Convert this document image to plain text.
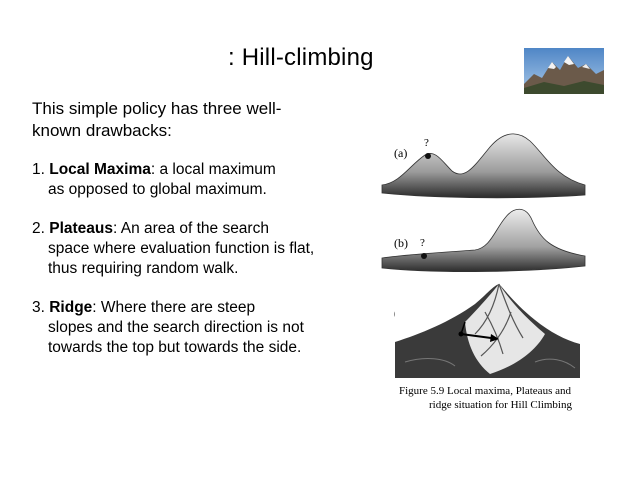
: Hill-climbing
This simple policy has three well-known drawbacks:
1. Local Maxima: a local maximum
as opposed to global maximum.
2. Plateaus: An area of the search
space where evaluation function is flat, thus requiring random walk.
3. Ridge: Where there are steep
slopes and the search direction is not towards the top but towards the side.
(a)
?
(b) ?
Figure 5.9 Local maxima, Plateaus and
ridge situation for Hill Climbing
